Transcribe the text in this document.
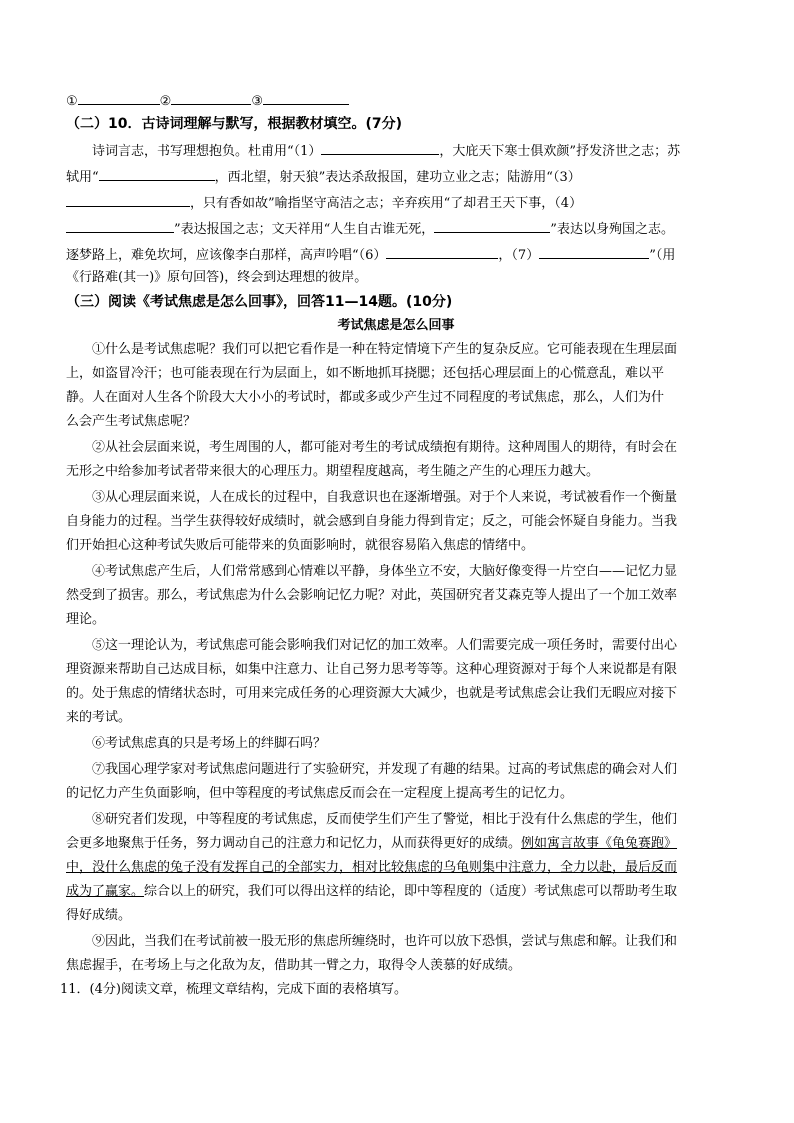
①	②	③
（二）10．古诗词理解与默写，根据教材填空。(7分)
诗词言志，书写理想抱负。杜甫用“（1）	，大庇天下寒士俱欢颜”抒发济世之志；苏
轼用“	，西北望，射天狼”表达杀敌报国，建功立业之志；陆游用“（3）
，只有香如故”喻指坚守高洁之志；辛弃疾用“了却君王天下事，（4）
”表达报国之志；文天祥用“人生自古谁无死，	”表达以身殉国之志。
逐梦路上，难免坎坷，应该像李白那样，高声吟唱“（6）	，（7）	”（用
《行路难(其一)》原句回答)，终会到达理想的彼岸。
（三）阅读《考试焦虑是怎么回事》，回答11—14题。(10分)
考试焦虑是怎么回事
①什么是考试焦虑呢？我们可以把它看作是一种在特定情境下产生的复杂反应。它可能表现在生理层面
上，如盗冒冷汗；也可能表现在行为层面上，如不断地抓耳挠腮；还包括心理层面上的心慌意乱，难以平
静。人在面对人生各个阶段大大小小的考试时，都或多或少产生过不同程度的考试焦虑，那么，人们为什
么会产生考试焦虑呢？
②从社会层面来说，考生周围的人，都可能对考生的考试成绩抱有期待。这种周围人的期待，有时会在
无形之中给参加考试者带来很大的心理压力。期望程度越高，考生随之产生的心理压力越大。
③从心理层面来说，人在成长的过程中，自我意识也在逐渐增强。对于个人来说，考试被看作一个衡量
自身能力的过程。当学生获得较好成绩时，就会感到自身能力得到肯定；反之，可能会怀疑自身能力。当我
们开始担心这种考试失败后可能带来的负面影响时，就很容易陷入焦虑的情绪中。
④考试焦虑产生后，人们常常感到心情难以平静，身体坐立不安，大脑好像变得一片空白——记忆力显
然受到了损害。那么，考试焦虑为什么会影响记忆力呢？对此，英国研究者艾森克等人提出了一个加工效率
理论。
⑤这一理论认为，考试焦虑可能会影响我们对记忆的加工效率。人们需要完成一项任务时，需要付出心
理资源来帮助自己达成目标，如集中注意力、让自己努力思考等等。这种心理资源对于每个人来说都是有限
的。处于焦虑的情绪状态时，可用来完成任务的心理资源大大减少，也就是考试焦虑会让我们无暇应对接下
来的考试。
⑥考试焦虑真的只是考场上的绊脚石吗？
⑦我国心理学家对考试焦虑问题进行了实验研究，并发现了有趣的结果。过高的考试焦虑的确会对人们
的记忆力产生负面影响，但中等程度的考试焦虑反而会在一定程度上提高考生的记忆力。
⑧研究者们发现，中等程度的考试焦虑，反而使学生们产生了警觉，相比于没有什么焦虑的学生，他们
会更多地聚焦于任务，努力调动自己的注意力和记忆力，从而获得更好的成绩。例如寓言故事《龟兔赛跑》
中，没什么焦虑的兔子没有发挥自己的全部实力，相对比较焦虑的乌龟则集中注意力，全力以赴，最后反而
成为了赢家。综合以上的研究，我们可以得出这样的结论，即中等程度的（适度）考试焦虑可以帮助考生取
得好成绩。
⑨因此，当我们在考试前被一股无形的焦虑所缠绕时，也许可以放下恐惧，尝试与焦虑和解。让我们和
焦虑握手，在考场上与之化敌为友，借助其一臂之力，取得令人羡慕的好成绩。
11．(4分)阅读文章，梳理文章结构，完成下面的表格填写。
